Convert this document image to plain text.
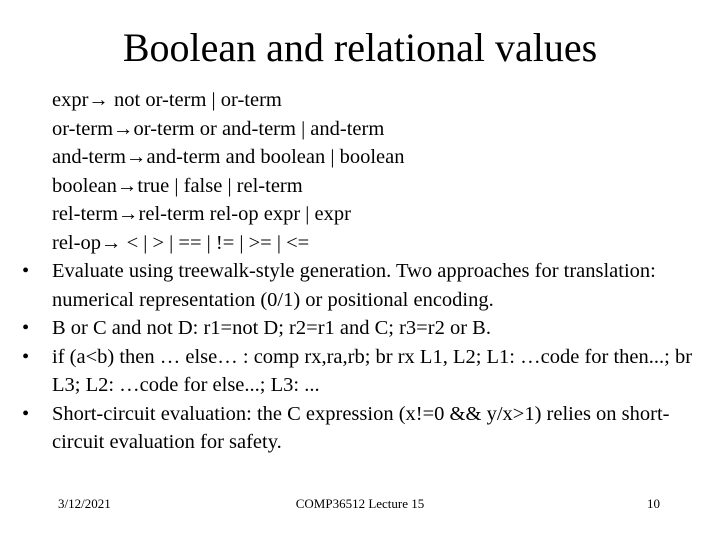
Boolean and relational values
expr→ not or-term | or-term
or-term→or-term or and-term | and-term
and-term→and-term and boolean | boolean
boolean→true | false | rel-term
rel-term→rel-term rel-op expr | expr
rel-op→ < | > | == | != | >= | <=
• Evaluate using treewalk-style generation. Two approaches for translation: numerical representation (0/1) or positional encoding.
• B or C and not D: r1=not D; r2=r1 and C; r3=r2 or B.
• if (a<b) then … else… : comp rx,ra,rb; br rx L1, L2; L1: …code for then...; br L3; L2: …code for else...; L3: ...
• Short-circuit evaluation: the C expression (x!=0 && y/x>1) relies on short-circuit evaluation for safety.
3/12/2021	COMP36512 Lecture 15	10
